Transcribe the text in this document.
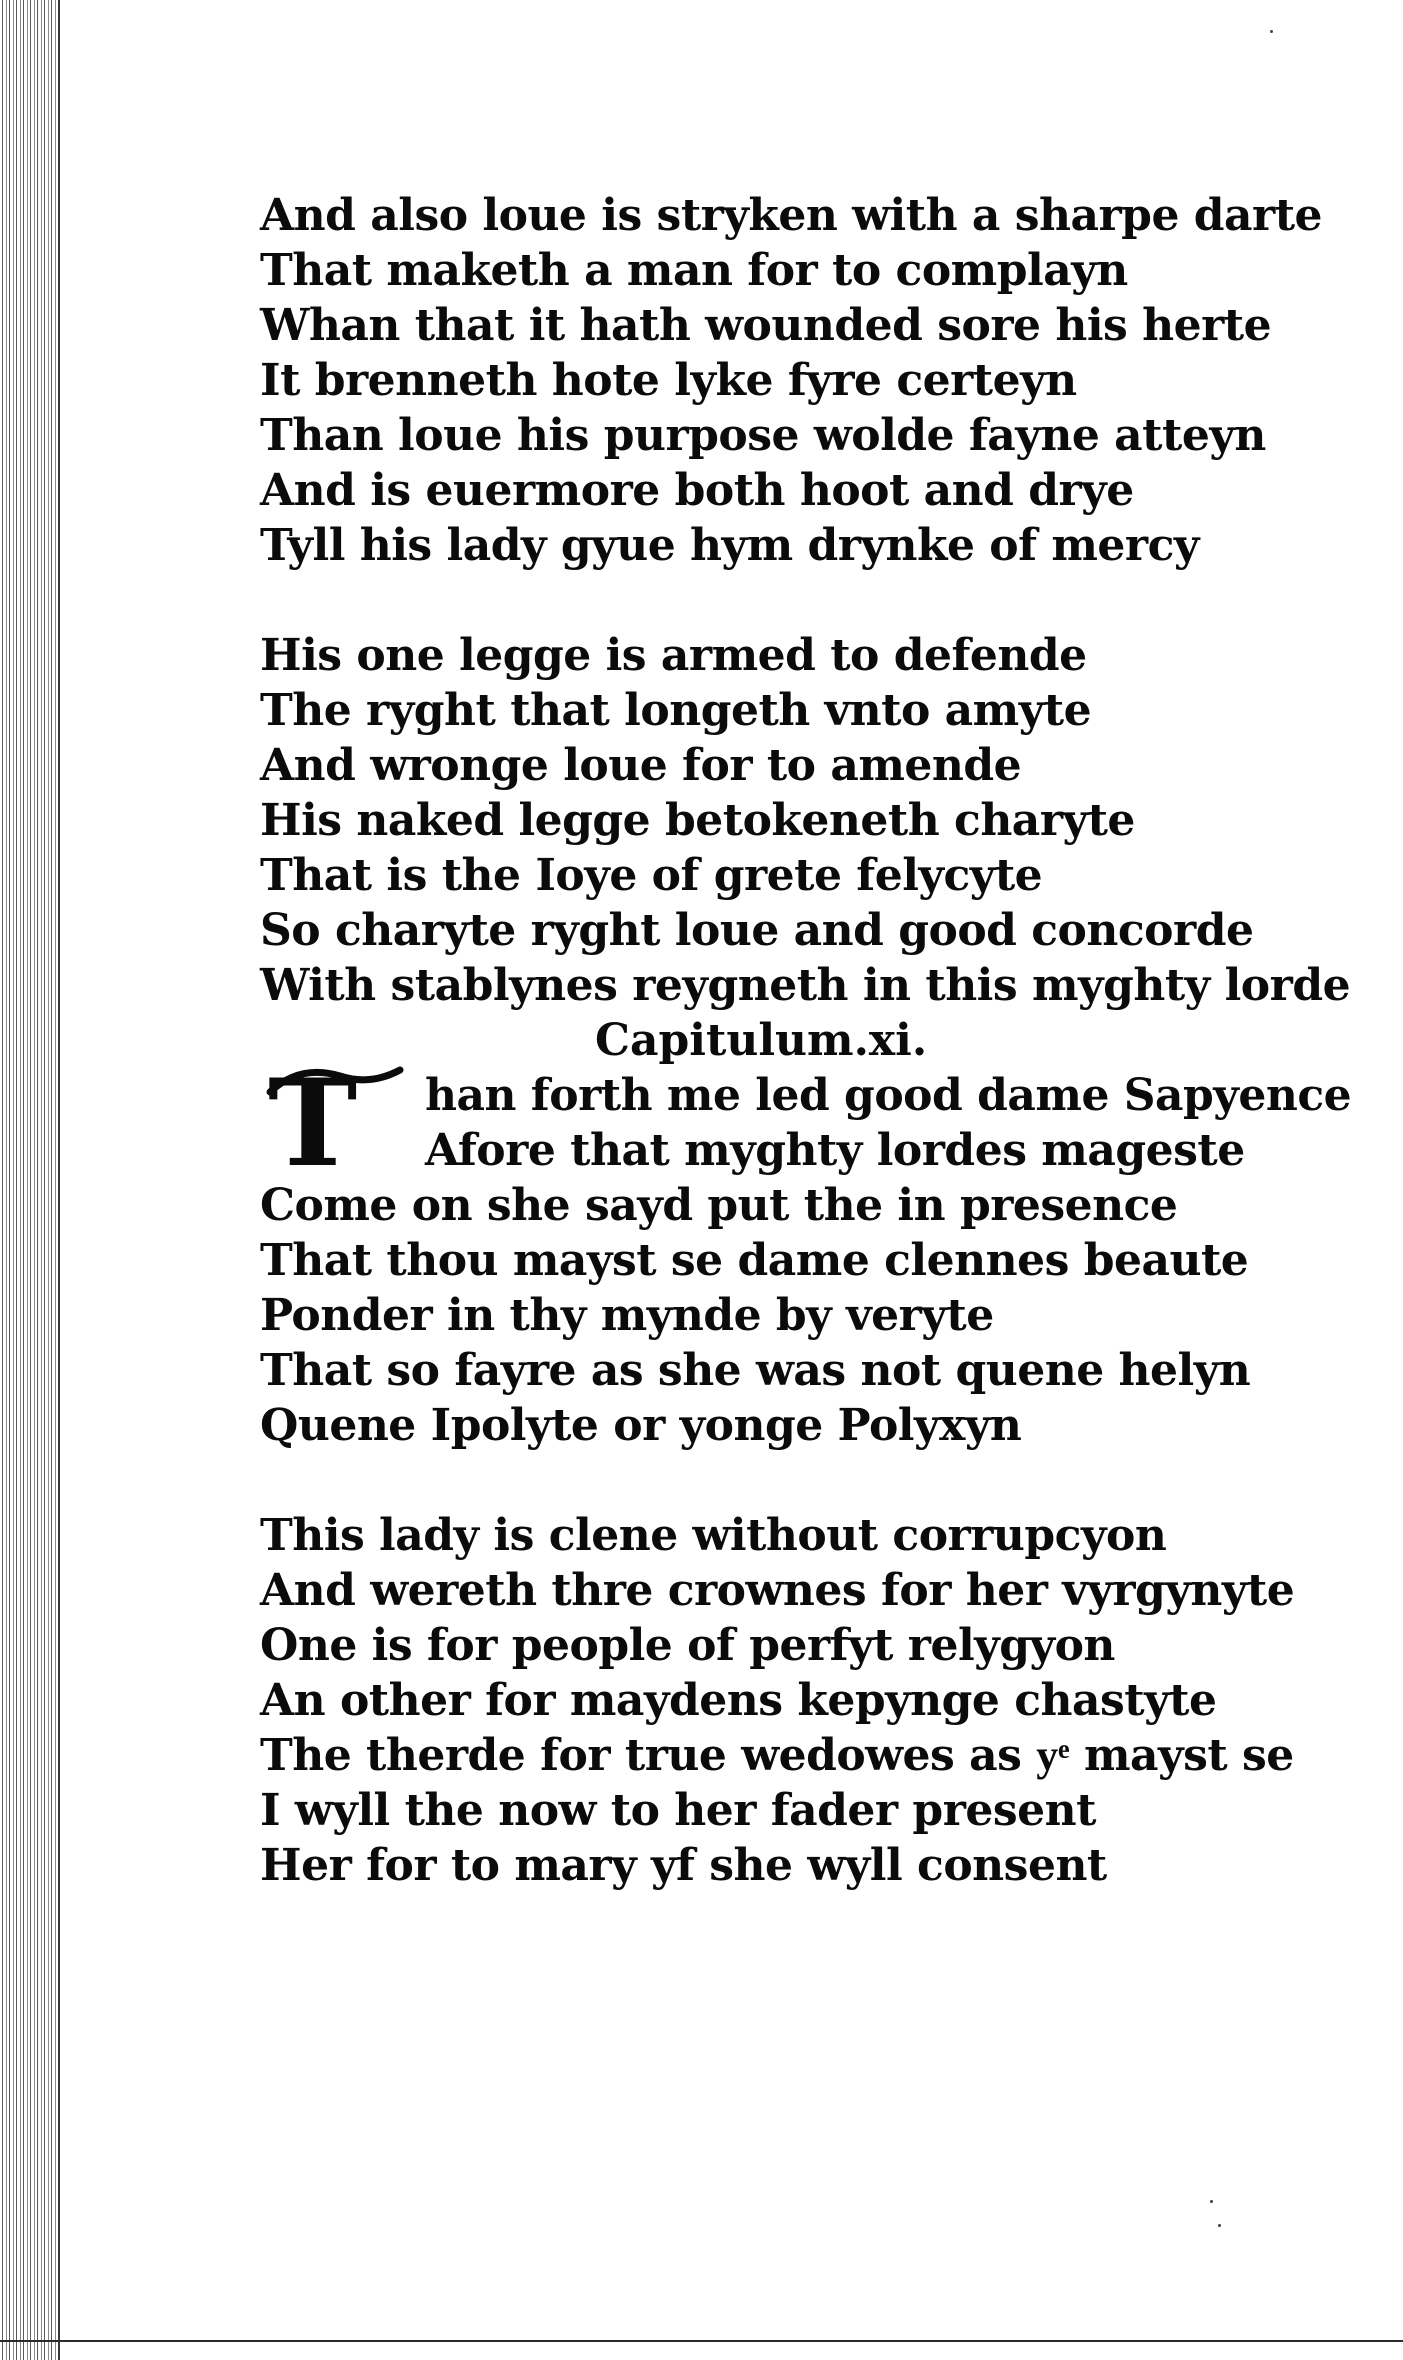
And also loue is stryken with a sharpe darte
That maketh a man for to complayn
Whan that it hath wounded sore his herte
It brenneth hote lyke fyre certeyn
Than loue his purpose wolde fayne atteyn
And is euermore both hoot and drye
Tyll his lady gyue hym drynke of mercy
His one legge is armed to defende
The ryght that longeth vnto amyte
And wronge loue for to amende
His naked legge betokeneth charyte
That is the Ioye of grete felycyte
So charyte ryght loue and good concorde
With stablynes reygneth in this myghty lorde
Capitulum.xi.
T	han forth me led good dame Sapyence
Afore that myghty lordes mageste
Come on she sayd put the in presence
That thou mayst se dame clennes beaute
Ponder in thy mynde by veryte
That so fayre as she was not quene helyn
Quene Ipolyte or yonge Polyxyn
This lady is clene without corrupcyon
And wereth thre crownes for her vyrgynyte
One is for people of perfyt relygyon
An other for maydens kepynge chastyte
The therde for true wedowes as yͤ mayst se
I wyll the now to her fader present
Her for to mary yf she wyll consent
